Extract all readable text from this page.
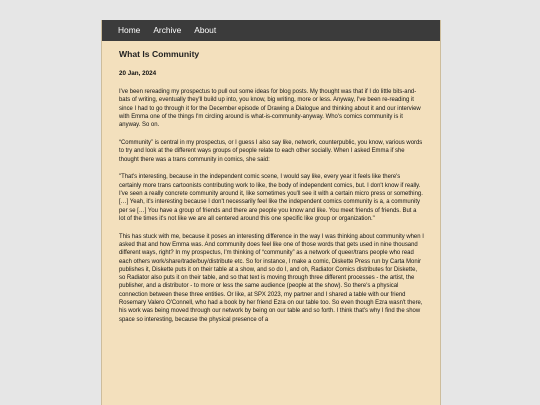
Home Archive About
What Is Community
20 Jan, 2024

I've been rereading my prospectus to pull out some ideas for blog posts. My thought was that if I do little bits-and-bats of writing, eventually they'll build up into, you know, big writing, more or less. Anyway, I've been re-reading it since I had to go through it for the December episode of Drawing a Dialogue and thinking about it and our interview with Emma one of the things I'm circling around is what-is-community-anyway. Who's comics community is it anyway. So on.

“Community” is central in my prospectus, or I guess I also say like, network, counterpublic, you know, various words to try and look at the different ways groups of people relate to each other socially. When I asked Emma if she thought there was a trans community in comics, she said:

"That's interesting, because in the independent comic scene, I would say like, every year it feels like there's certainly more trans cartoonists contributing work to like, the body of independent comics, but. I don't know if really. I've seen a really concrete community around it, like sometimes you'll see it with a certain micro press or something. […] Yeah, it's interesting because I don't necessarily feel like the independent comics community is a, a community per se […] You have a group of friends and there are people you know and like. You meet friends of friends. But a lot of the times it's not like we are all centered around this one specific like group or organization."

This has stuck with me, because it poses an interesting difference in the way I was thinking about community when I asked that and how Emma was. And community does feel like one of those words that gets used in nine thousand different ways, right? In my prospectus, I'm thinking of “community” as a network of queer/trans people who read each others work/share/trade/buy/distribute etc. So for instance, I make a comic, Diskette Press run by Carta Monir publishes it, Diskette puts it on their table at a show, and so do I, and oh, Radiator Comics distributes for Diskette, so Radiator also puts it on their table, and so that text is moving through three different processes - the artist, the publisher, and a distributor - to more or less the same audience (people at the show). So there's a physical connection between these three entities. Or like, at SPX 2023, my partner and I shared a table with our friend Rosemary Valero O'Connell, who had a book by her friend Ezra on our table too. So even though Ezra wasn't there, his work was being moved through our network by being on our table and so forth. I think that's why I find the show space so interesting, because the physical presence of a
